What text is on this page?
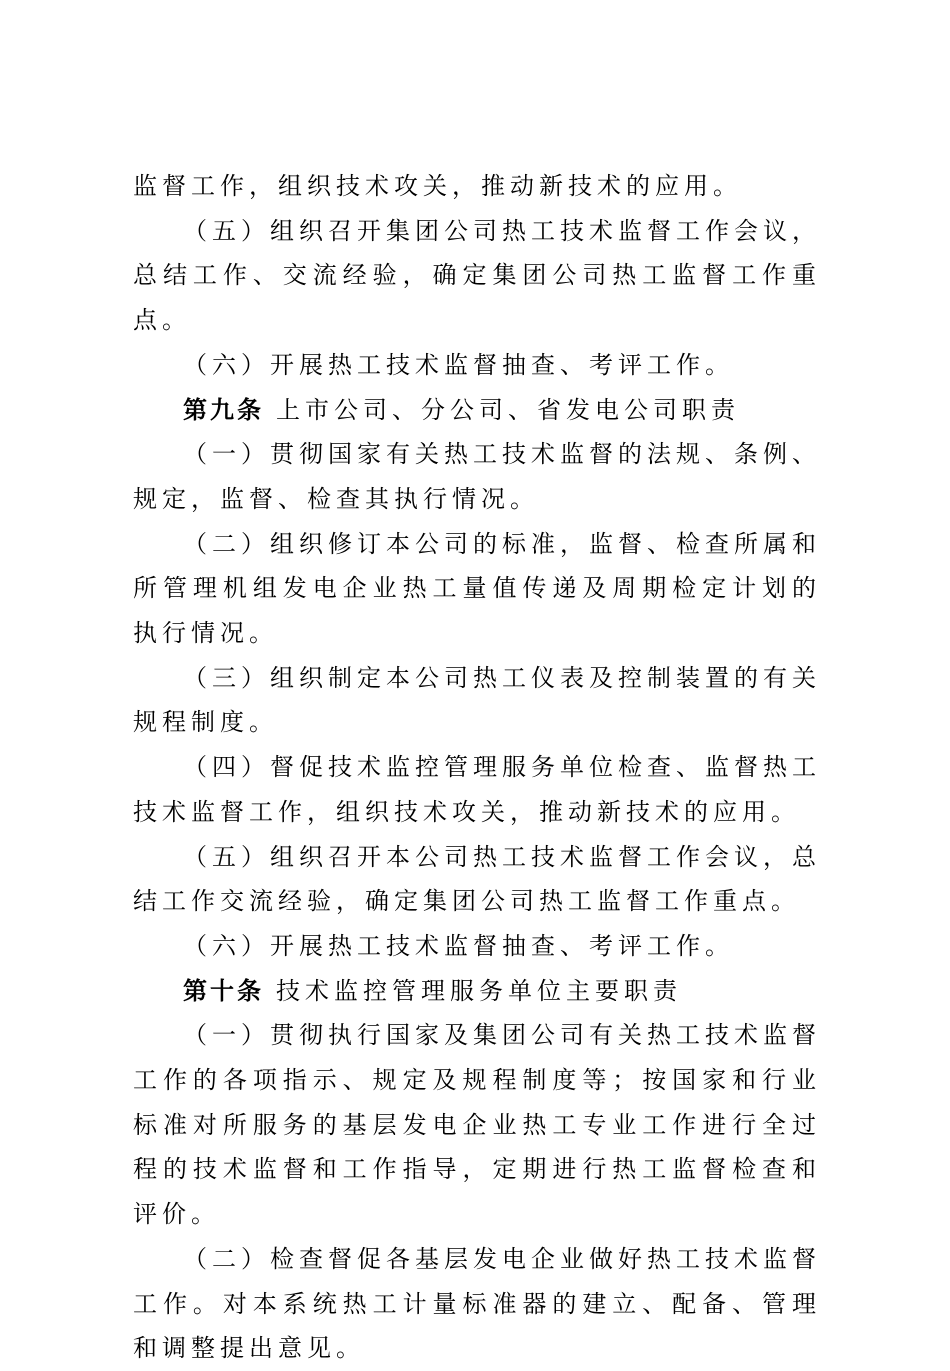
监督工作，组织技术攻关，推动新技术的应用。

（五）组织召开集团公司热工技术监督工作会议，总结工作、交流经验，确定集团公司热工监督工作重点。

（六）开展热工技术监督抽查、考评工作。

第九条 上市公司、分公司、省发电公司职责

（一）贯彻国家有关热工技术监督的法规、条例、规定，监督、检查其执行情况。

（二）组织修订本公司的标准，监督、检查所属和所管理机组发电企业热工量值传递及周期检定计划的执行情况。

（三）组织制定本公司热工仪表及控制装置的有关规程制度。

（四）督促技术监控管理服务单位检查、监督热工技术监督工作，组织技术攻关，推动新技术的应用。

（五）组织召开本公司热工技术监督工作会议，总结工作交流经验，确定集团公司热工监督工作重点。

（六）开展热工技术监督抽查、考评工作。

第十条 技术监控管理服务单位主要职责

（一）贯彻执行国家及集团公司有关热工技术监督工作的各项指示、规定及规程制度等；按国家和行业标准对所服务的基层发电企业热工专业工作进行全过程的技术监督和工作指导，定期进行热工监督检查和评价。

（二）检查督促各基层发电企业做好热工技术监督工作。对本系统热工计量标准器的建立、配备、管理和调整提出意见。
